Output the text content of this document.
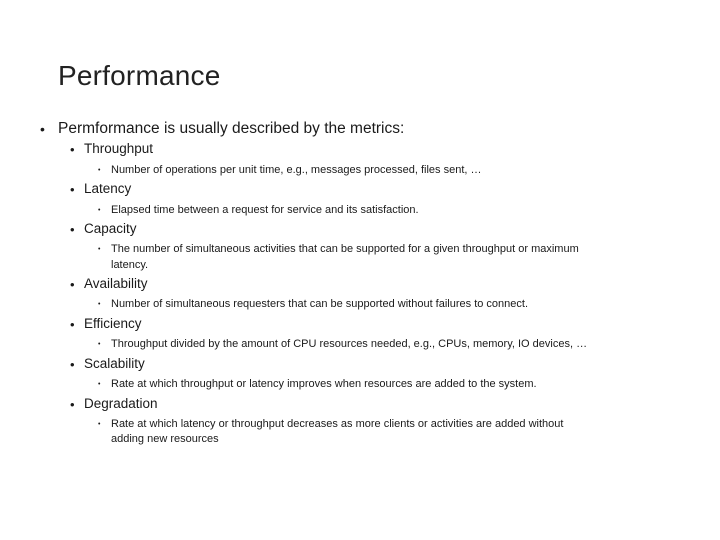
Performance
• Permformance is usually described by the metrics:
• Throughput
• Number of operations per unit time, e.g., messages processed, files sent, …
• Latency
• Elapsed time between a request for service and its satisfaction.
• Capacity
• The number of simultaneous activities that can be supported for a given throughput or maximum
latency.
• Availability
• Number of simultaneous requesters that can be supported without failures to connect.
• Efficiency
• Throughput divided by the amount of CPU resources needed, e.g., CPUs, memory, IO devices, …
• Scalability
• Rate at which throughput or latency improves when resources are added to the system.
• Degradation
• Rate at which latency or throughput decreases as more clients or activities are added without
adding new resources
